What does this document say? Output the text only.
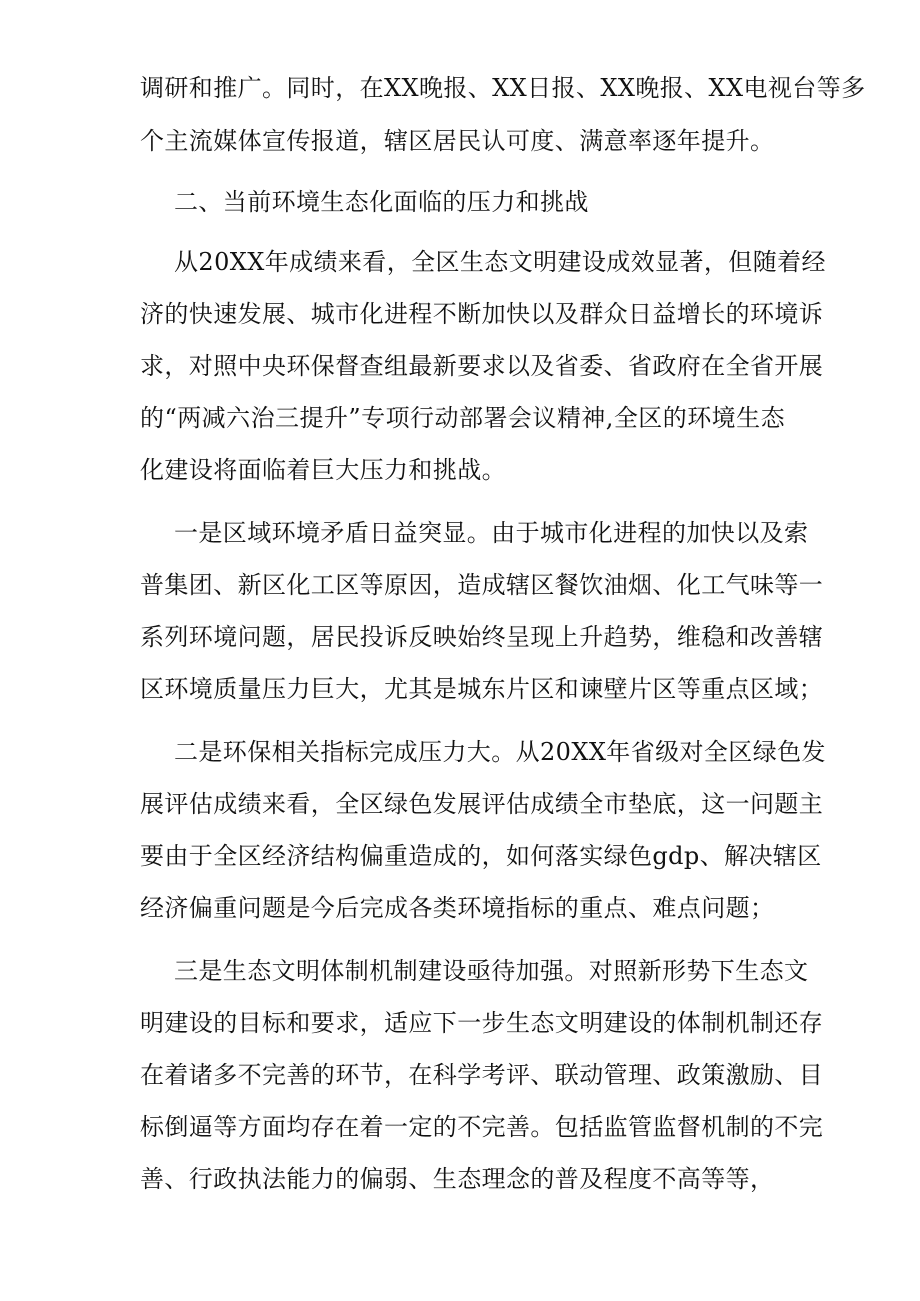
调研和推广。同时，在XX晚报、XX日报、XX晚报、XX电视台等多
个主流媒体宣传报道，辖区居民认可度、满意率逐年提升。
二、当前环境生态化面临的压力和挑战
从20XX年成绩来看，全区生态文明建设成效显著，但随着经
济的快速发展、城市化进程不断加快以及群众日益增长的环境诉
求，对照中央环保督查组最新要求以及省委、省政府在全省开展
的“两减六治三提升”专项行动部署会议精神,全区的环境生态
化建设将面临着巨大压力和挑战。
一是区域环境矛盾日益突显。由于城市化进程的加快以及索
普集团、新区化工区等原因，造成辖区餐饮油烟、化工气味等一
系列环境问题，居民投诉反映始终呈现上升趋势，维稳和改善辖
区环境质量压力巨大，尤其是城东片区和谏壁片区等重点区域；
二是环保相关指标完成压力大。从20XX年省级对全区绿色发
展评估成绩来看，全区绿色发展评估成绩全市垫底，这一问题主
要由于全区经济结构偏重造成的，如何落实绿色gdp、解决辖区
经济偏重问题是今后完成各类环境指标的重点、难点问题；
三是生态文明体制机制建设亟待加强。对照新形势下生态文
明建设的目标和要求，适应下一步生态文明建设的体制机制还存
在着诸多不完善的环节，在科学考评、联动管理、政策激励、目
标倒逼等方面均存在着一定的不完善。包括监管监督机制的不完
善、行政执法能力的偏弱、生态理念的普及程度不高等等，
